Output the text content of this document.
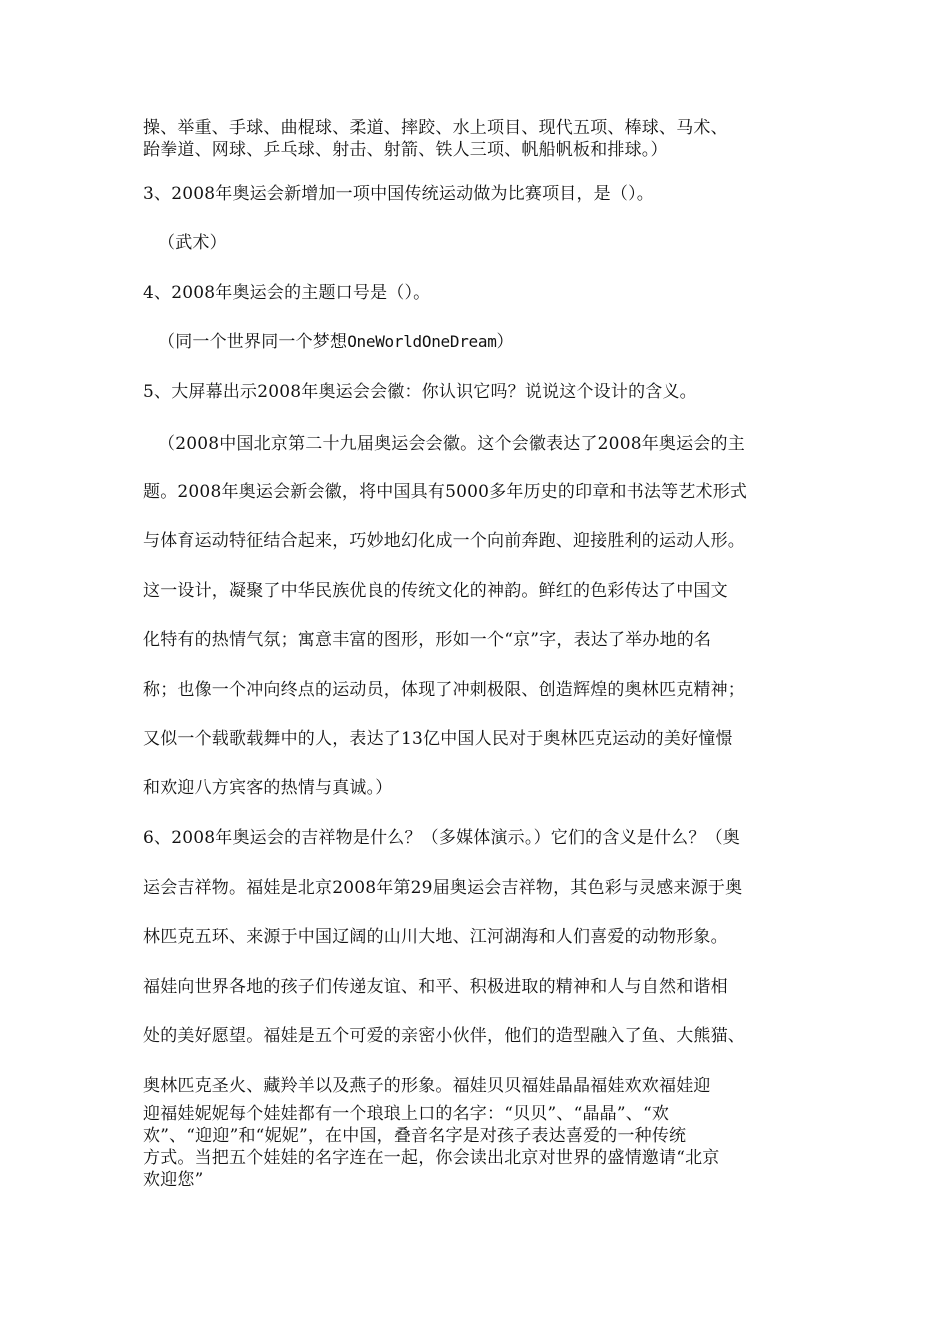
操、举重、手球、曲棍球、柔道、摔跤、水上项目、现代五项、棒球、马术、

跆拳道、网球、乒乓球、射击、射箭、铁人三项、帆船帆板和排球。）

3、2008年奥运会新增加一项中国传统运动做为比赛项目，是（）。

（武术）

4、2008年奥运会的主题口号是（）。

（同一个世界同一个梦想OneWorldOneDream）

5、大屏幕出示2008年奥运会会徽：你认识它吗？说说这个设计的含义。

（2008中国北京第二十九届奥运会会徽。这个会徽表达了2008年奥运会的主

题。2008年奥运会新会徽，将中国具有5000多年历史的印章和书法等艺术形式

与体育运动特征结合起来，巧妙地幻化成一个向前奔跑、迎接胜利的运动人形。

这一设计，凝聚了中华民族优良的传统文化的神韵。鲜红的色彩传达了中国文

化特有的热情气氛；寓意丰富的图形，形如一个“京”字，表达了举办地的名

称；也像一个冲向终点的运动员，体现了冲刺极限、创造辉煌的奥林匹克精神；

又似一个载歌载舞中的人，表达了13亿中国人民对于奥林匹克运动的美好憧憬

和欢迎八方宾客的热情与真诚。）

6、2008年奥运会的吉祥物是什么？（多媒体演示。）它们的含义是什么？（奥

运会吉祥物。福娃是北京2008年第29届奥运会吉祥物，其色彩与灵感来源于奥

林匹克五环、来源于中国辽阔的山川大地、江河湖海和人们喜爱的动物形象。

福娃向世界各地的孩子们传递友谊、和平、积极进取的精神和人与自然和谐相

处的美好愿望。福娃是五个可爱的亲密小伙伴，他们的造型融入了鱼、大熊猫、

奥林匹克圣火、藏羚羊以及燕子的形象。福娃贝贝福娃晶晶福娃欢欢福娃迎

迎福娃妮妮每个娃娃都有一个琅琅上口的名字：“贝贝”、“晶晶”、“欢

欢”、“迎迎”和“妮妮”，在中国，叠音名字是对孩子表达喜爱的一种传统

方式。当把五个娃娃的名字连在一起，你会读出北京对世界的盛情邀请“北京

欢迎您”
